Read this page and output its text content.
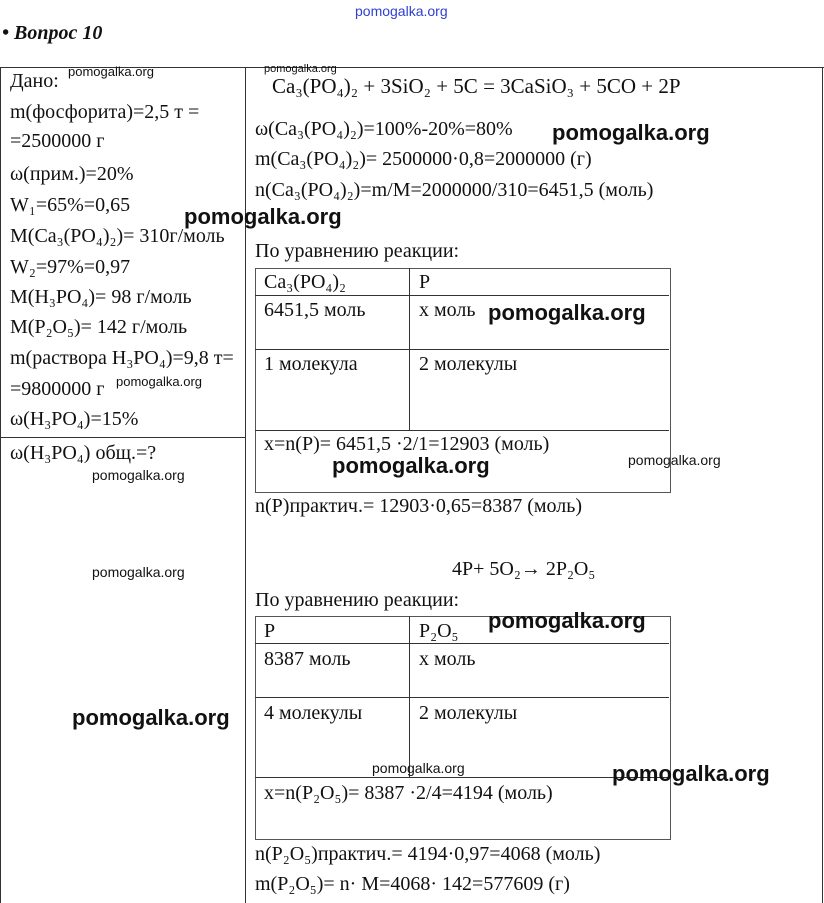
pomogalka.org
• Вопрос 10
Дано:
m(фосфорита)=2,5 т =
=2500000 г
ω(прим.)=20%
W₁=65%=0,65
M(Ca₃(PO₄)₂)= 310г/моль
W₂=97%=0,97
M(H₃PO₄)= 98 г/моль
M(P₂O₅)= 142 г/моль
m(раствора H₃PO₄)=9,8 т=
=9800000 г
ω(H₃PO₄)=15%
ω(H₃PO₄) общ.=?
Ca₃(PO₄)₂ + 3SiO₂ + 5C = 3CaSiO₃ + 5CO + 2P
ω(Ca₃(PO₄)₂)=100%-20%=80%
m(Ca₃(PO₄)₂)= 2500000·0,8=2000000 (г)
n(Ca₃(PO₄)₂)=m/M=2000000/310=6451,5 (моль)
По уравнению реакции:
Ca₃(PO₄)₂	P
6451,5 моль	x моль
1 молекула	2 молекулы
x=n(P)= 6451,5 ·2/1=12903 (моль)
n(P)практич.= 12903·0,65=8387 (моль)
4P+ 5O₂→ 2P₂O₅
По уравнению реакции:
P	P₂O₅
8387 моль	x моль
4 молекулы	2 молекулы
x=n(P₂O₅)= 8387 ·2/4=4194 (моль)
n(P₂O₅)практич.= 4194·0,97=4068 (моль)
m(P₂O₅)= n· M=4068· 142=577609 (г)
pomogalka.org	pomogalka.org
pomogalka.org
pomogalka.org
pomogalka.org
pomogalka.org
pomogalka.org	pomogalka.org
pomogalka.org
pomogalka.org
pomogalka.org
pomogalka.org
pomogalka.org	pomogalka.org
